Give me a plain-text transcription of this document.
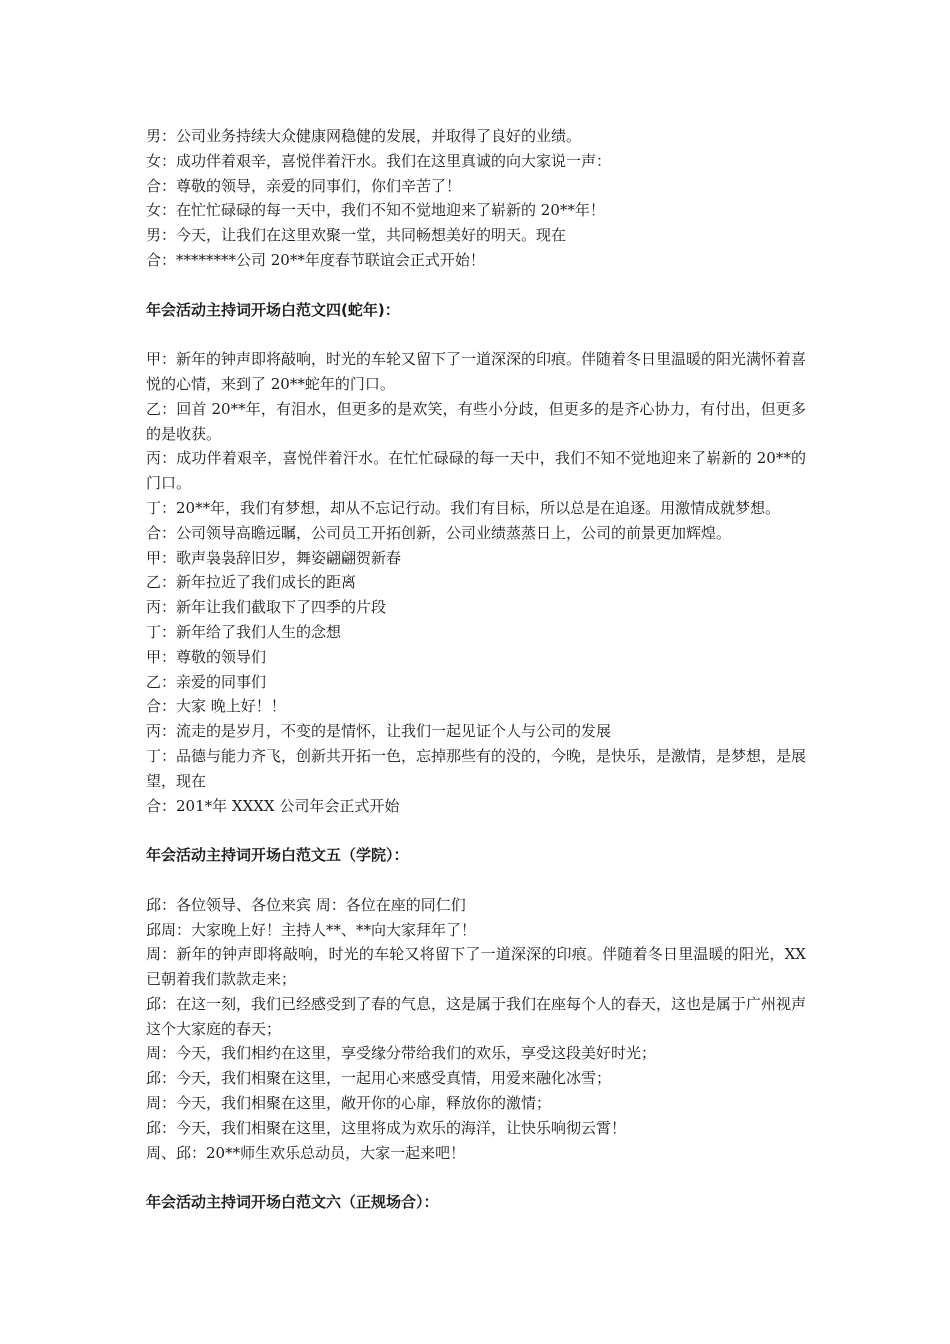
男：公司业务持续大众健康网稳健的发展，并取得了良好的业绩。
女：成功伴着艰辛，喜悦伴着汗水。我们在这里真诚的向大家说一声：
合：尊敬的领导，亲爱的同事们，你们辛苦了！
女：在忙忙碌碌的每一天中，我们不知不觉地迎来了崭新的 20**年！
男：今天，让我们在这里欢聚一堂，共同畅想美好的明天。现在
合：********公司 20**年度春节联谊会正式开始！
年会活动主持词开场白范文四(蛇年)：
甲：新年的钟声即将敲响，时光的车轮又留下了一道深深的印痕。伴随着冬日里温暖的阳光满怀着喜悦的心情，来到了 20**蛇年的门口。
乙：回首 20**年，有泪水，但更多的是欢笑，有些小分歧，但更多的是齐心协力，有付出，但更多的是收获。
丙：成功伴着艰辛，喜悦伴着汗水。在忙忙碌碌的每一天中，我们不知不觉地迎来了崭新的 20**的门口。
丁：20**年，我们有梦想，却从不忘记行动。我们有目标，所以总是在追逐。用激情成就梦想。
合：公司领导高瞻远瞩，公司员工开拓创新，公司业绩蒸蒸日上，公司的前景更加辉煌。
甲：歌声袅袅辞旧岁，舞姿翩翩贺新春
乙：新年拉近了我们成长的距离
丙：新年让我们截取下了四季的片段
丁：新年给了我们人生的念想
甲：尊敬的领导们
乙：亲爱的同事们
合：大家 晚上好！！
丙：流走的是岁月，不变的是情怀，让我们一起见证个人与公司的发展
丁：品德与能力齐飞，创新共开拓一色，忘掉那些有的没的，今晚，是快乐，是激情，是梦想，是展望，现在
合：201*年 XXXX 公司年会正式开始
年会活动主持词开场白范文五（学院）：
邱：各位领导、各位来宾 周：各位在座的同仁们
邱周：大家晚上好！主持人**、**向大家拜年了！
周：新年的钟声即将敲响，时光的车轮又将留下了一道深深的印痕。伴随着冬日里温暖的阳光，XX 已朝着我们款款走来；
邱：在这一刻，我们已经感受到了春的气息，这是属于我们在座每个人的春天，这也是属于广州视声这个大家庭的春天；
周：今天，我们相约在这里，享受缘分带给我们的欢乐，享受这段美好时光；
邱：今天，我们相聚在这里，一起用心来感受真情，用爱来融化冰雪；
周：今天，我们相聚在这里，敞开你的心扉，释放你的激情；
邱：今天，我们相聚在这里，这里将成为欢乐的海洋，让快乐响彻云霄！
周、邱：20**师生欢乐总动员，大家一起来吧！
年会活动主持词开场白范文六（正规场合）：
